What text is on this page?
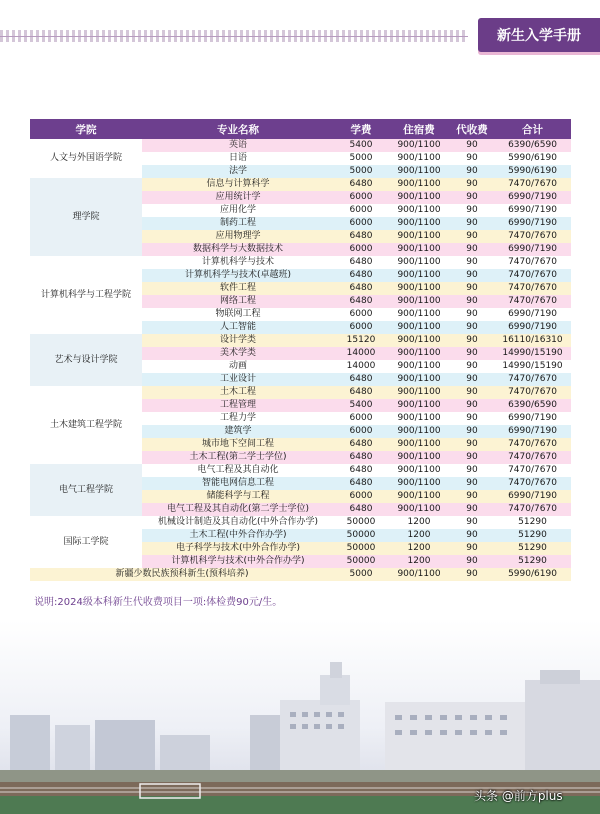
新生入学手册
学院	专业名称	学费	住宿费	代收费	合计
人文与外国语学院	英语	5400	900/1100	90	6390/6590
	日语	5000	900/1100	90	5990/6190
	法学	5000	900/1100	90	5990/6190
理学院	信息与计算科学	6480	900/1100	90	7470/7670
	应用统计学	6000	900/1100	90	6990/7190
	应用化学	6000	900/1100	90	6990/7190
	制药工程	6000	900/1100	90	6990/7190
	应用物理学	6480	900/1100	90	7470/7670
	数据科学与大数据技术	6000	900/1100	90	6990/7190
计算机科学与工程学院	计算机科学与技术	6480	900/1100	90	7470/7670
	计算机科学与技术(卓越班)	6480	900/1100	90	7470/7670
	软件工程	6480	900/1100	90	7470/7670
	网络工程	6480	900/1100	90	7470/7670
	物联网工程	6000	900/1100	90	6990/7190
	人工智能	6000	900/1100	90	6990/7190
艺术与设计学院	设计学类	15120	900/1100	90	16110/16310
	美术学类	14000	900/1100	90	14990/15190
	动画	14000	900/1100	90	14990/15190
	工业设计	6480	900/1100	90	7470/7670
土木建筑工程学院	土木工程	6480	900/1100	90	7470/7670
	工程管理	5400	900/1100	90	6390/6590
	工程力学	6000	900/1100	90	6990/7190
	建筑学	6000	900/1100	90	6990/7190
	城市地下空间工程	6480	900/1100	90	7470/7670
	土木工程(第二学士学位)	6480	900/1100	90	7470/7670
电气工程学院	电气工程及其自动化	6480	900/1100	90	7470/7670
	智能电网信息工程	6480	900/1100	90	7470/7670
	储能科学与工程	6000	900/1100	90	6990/7190
	电气工程及其自动化(第二学士学位)	6480	900/1100	90	7470/7670
国际工学院	机械设计制造及其自动化(中外合作办学)	50000	1200	90	51290
	土木工程(中外合作办学)	50000	1200	90	51290
	电子科学与技术(中外合作办学)	50000	1200	90	51290
	计算机科学与技术(中外合作办学)	50000	1200	90	51290
新疆少数民族预科新生(预科培养)		5000	900/1100	90	5990/6190
说明:2024级本科新生代收费项目一项:体检费90元/生。
头条 @前方plus
